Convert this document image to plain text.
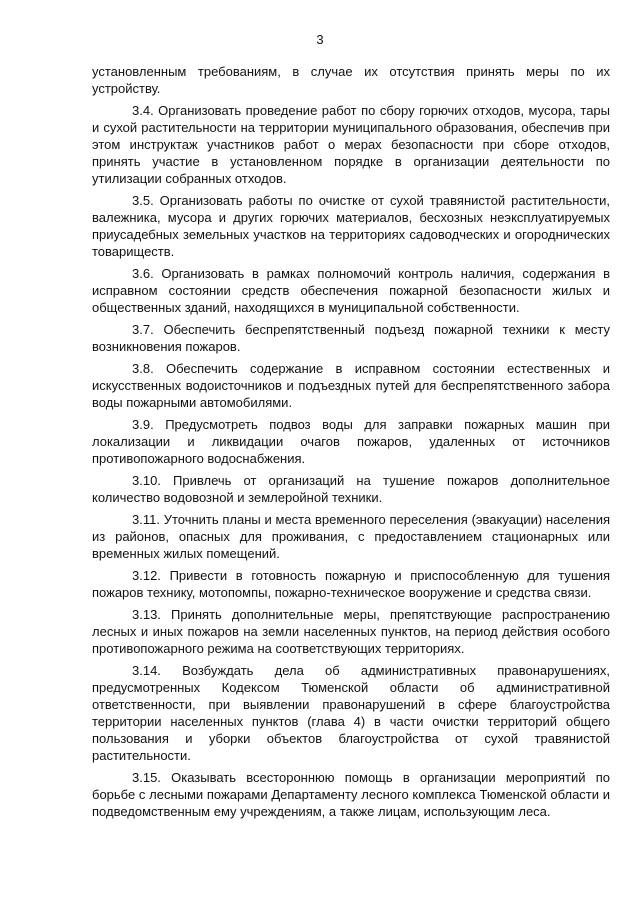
3

установленным требованиям, в случае их отсутствия принять меры по их устройству.

3.4. Организовать проведение работ по сбору горючих отходов, мусора, тары и сухой растительности на территории муниципального образования, обеспечив при этом инструктаж участников работ о мерах безопасности при сборе отходов, принять участие в установленном порядке в организации деятельности по утилизации собранных отходов.

3.5. Организовать работы по очистке от сухой травянистой растительности, валежника, мусора и других горючих материалов, бесхозных неэксплуатируемых приусадебных земельных участков на территориях садоводческих и огороднических товариществ.

3.6. Организовать в рамках полномочий контроль наличия, содержания в исправном состоянии средств обеспечения пожарной безопасности жилых и общественных зданий, находящихся в муниципальной собственности.

3.7. Обеспечить беспрепятственный подъезд пожарной техники к месту возникновения пожаров.

3.8. Обеспечить содержание в исправном состоянии естественных и искусственных водоисточников и подъездных путей для беспрепятственного забора воды пожарными автомобилями.

3.9. Предусмотреть подвоз воды для заправки пожарных машин при локализации и ликвидации очагов пожаров, удаленных от источников противопожарного водоснабжения.

3.10. Привлечь от организаций на тушение пожаров дополнительное количество водовозной и землеройной техники.

3.11. Уточнить планы и места временного переселения (эвакуации) населения из районов, опасных для проживания, с предоставлением стационарных или временных жилых помещений.

3.12. Привести в готовность пожарную и приспособленную для тушения пожаров технику, мотопомпы, пожарно-техническое вооружение и средства связи.

3.13. Принять дополнительные меры, препятствующие распространению лесных и иных пожаров на земли населенных пунктов, на период действия особого противопожарного режима на соответствующих территориях.

3.14. Возбуждать дела об административных правонарушениях, предусмотренных Кодексом Тюменской области об административной ответственности, при выявлении правонарушений в сфере благоустройства территории населенных пунктов (глава 4) в части очистки территорий общего пользования и уборки объектов благоустройства от сухой травянистой растительности.

3.15. Оказывать всестороннюю помощь в организации мероприятий по борьбе с лесными пожарами Департаменту лесного комплекса Тюменской области и подведомственным ему учреждениям, а также лицам, использующим леса.
